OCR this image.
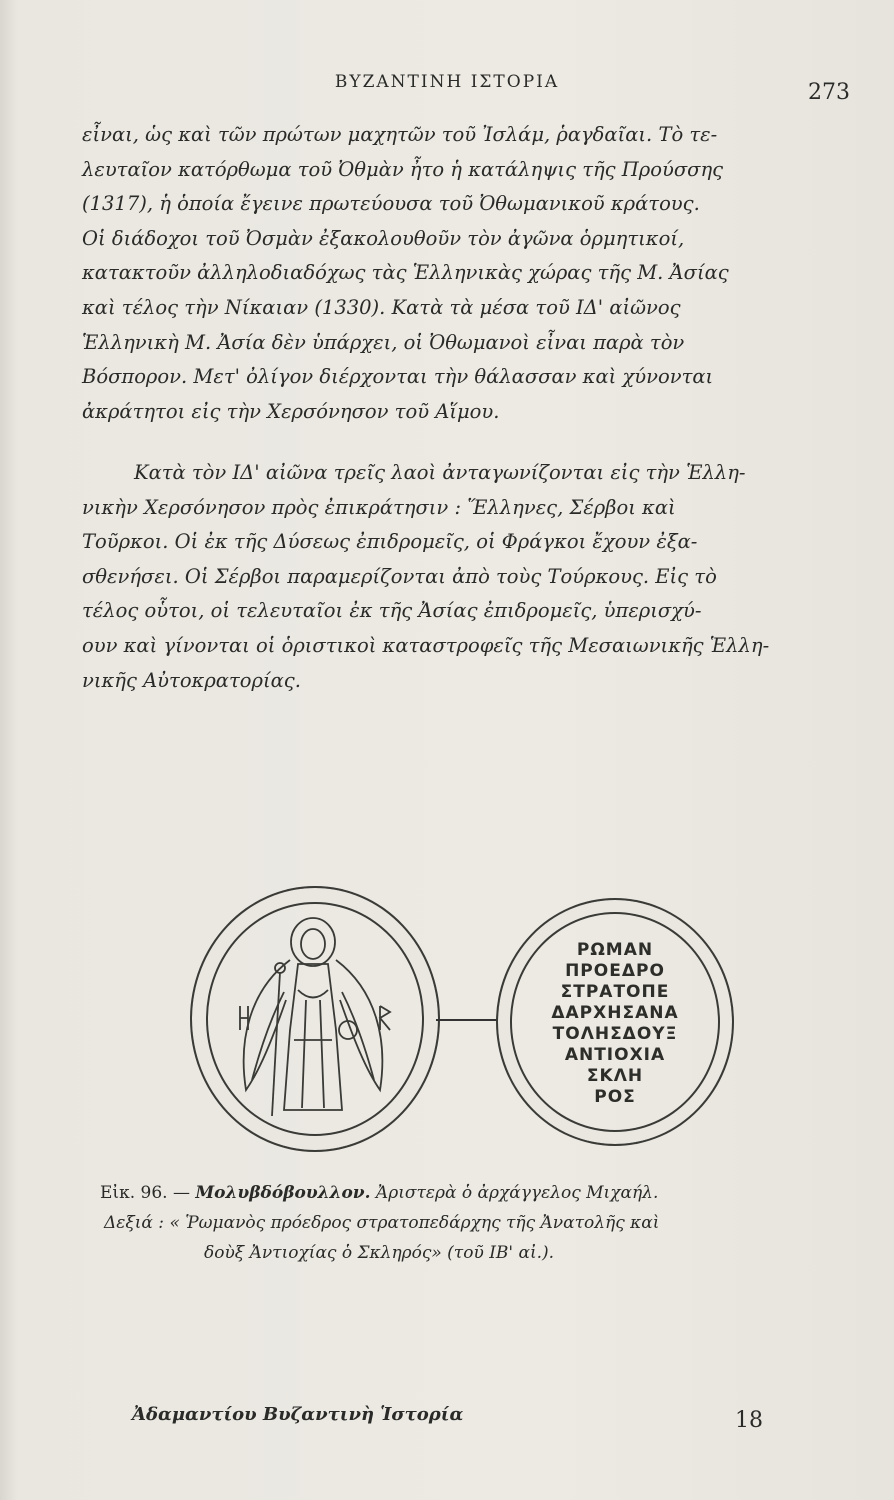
ΒΥΖΑΝΤΙΝΗ ΙΣΤΟΡΙΑ	273
εἶναι, ὡς καὶ τῶν πρώτων μαχητῶν τοῦ Ἰσλάμ, ῥαγδαῖαι. Τὸ τε-
λευταῖον κατόρθωμα τοῦ Ὀθμὰν ἦτο ἡ κατάληψις τῆς Προύσσης
(1317), ἡ ὁποία ἔγεινε πρωτεύουσα τοῦ Ὀθωμανικοῦ κράτους.
Οἱ διάδοχοι τοῦ Ὀσμὰν ἐξακολουθοῦν τὸν ἀγῶνα ὁρμητικοί,
κατακτοῦν ἀλληλοδιαδόχως τὰς Ἑλληνικὰς χώρας τῆς Μ. Ἀσίας
καὶ τέλος τὴν Νίκαιαν (1330). Κατὰ τὰ μέσα τοῦ ΙΔ' αἰῶνος
Ἑλληνικὴ Μ. Ἀσία δὲν ὑπάρχει, οἱ Ὀθωμανοὶ εἶναι παρὰ τὸν
Βόσπορον. Μετ' ὀλίγον διέρχονται τὴν θάλασσαν καὶ χύνονται
ἀκράτητοι εἰς τὴν Χερσόνησον τοῦ Αἵμου.
Κατὰ τὸν ΙΔ' αἰῶνα τρεῖς λαοὶ ἀνταγωνίζονται εἰς τὴν Ἑλλη-
νικὴν Χερσόνησον πρὸς ἐπικράτησιν : Ἕλληνες, Σέρβοι καὶ
Τοῦρκοι. Οἱ ἐκ τῆς Δύσεως ἐπιδρομεῖς, οἱ Φράγκοι ἔχουν ἐξα-
σθενήσει. Οἱ Σέρβοι παραμερίζονται ἀπὸ τοὺς Τούρκους. Εἰς τὸ
τέλος οὗτοι, οἱ τελευταῖοι ἐκ τῆς Ἀσίας ἐπιδρομεῖς, ὑπερισχύ-
ουν καὶ γίνονται οἱ ὁριστικοὶ καταστροφεῖς τῆς Μεσαιωνικῆς Ἑλλη-
νικῆς Αὐτοκρατορίας.
ΡΩΜΑΝ
ΠΡΟΕΔΡΟ
ΣΤΡΑΤΟΠΕ
ΔΑΡΧΗΣΑΝΑ
ΤΟΛΗΣΔΟΥΞ
ΑΝΤΙΟΧΙΑ
ΣΚΛΗ
ΡΟΣ
Εἰκ. 96. — Μολυβδόβουλλον. Ἀριστερὰ ὁ ἀρχάγγελος Μιχαήλ.
Δεξιά : « Ῥωμανὸς πρόεδρος στρατοπεδάρχης τῆς Ἀνατολῆς καὶ
δοὺξ Ἀντιοχίας ὁ Σκληρός» (τοῦ ΙΒ' αἰ.).
Ἀδαμαντίου Βυζαντινὴ Ἱστορία	18
